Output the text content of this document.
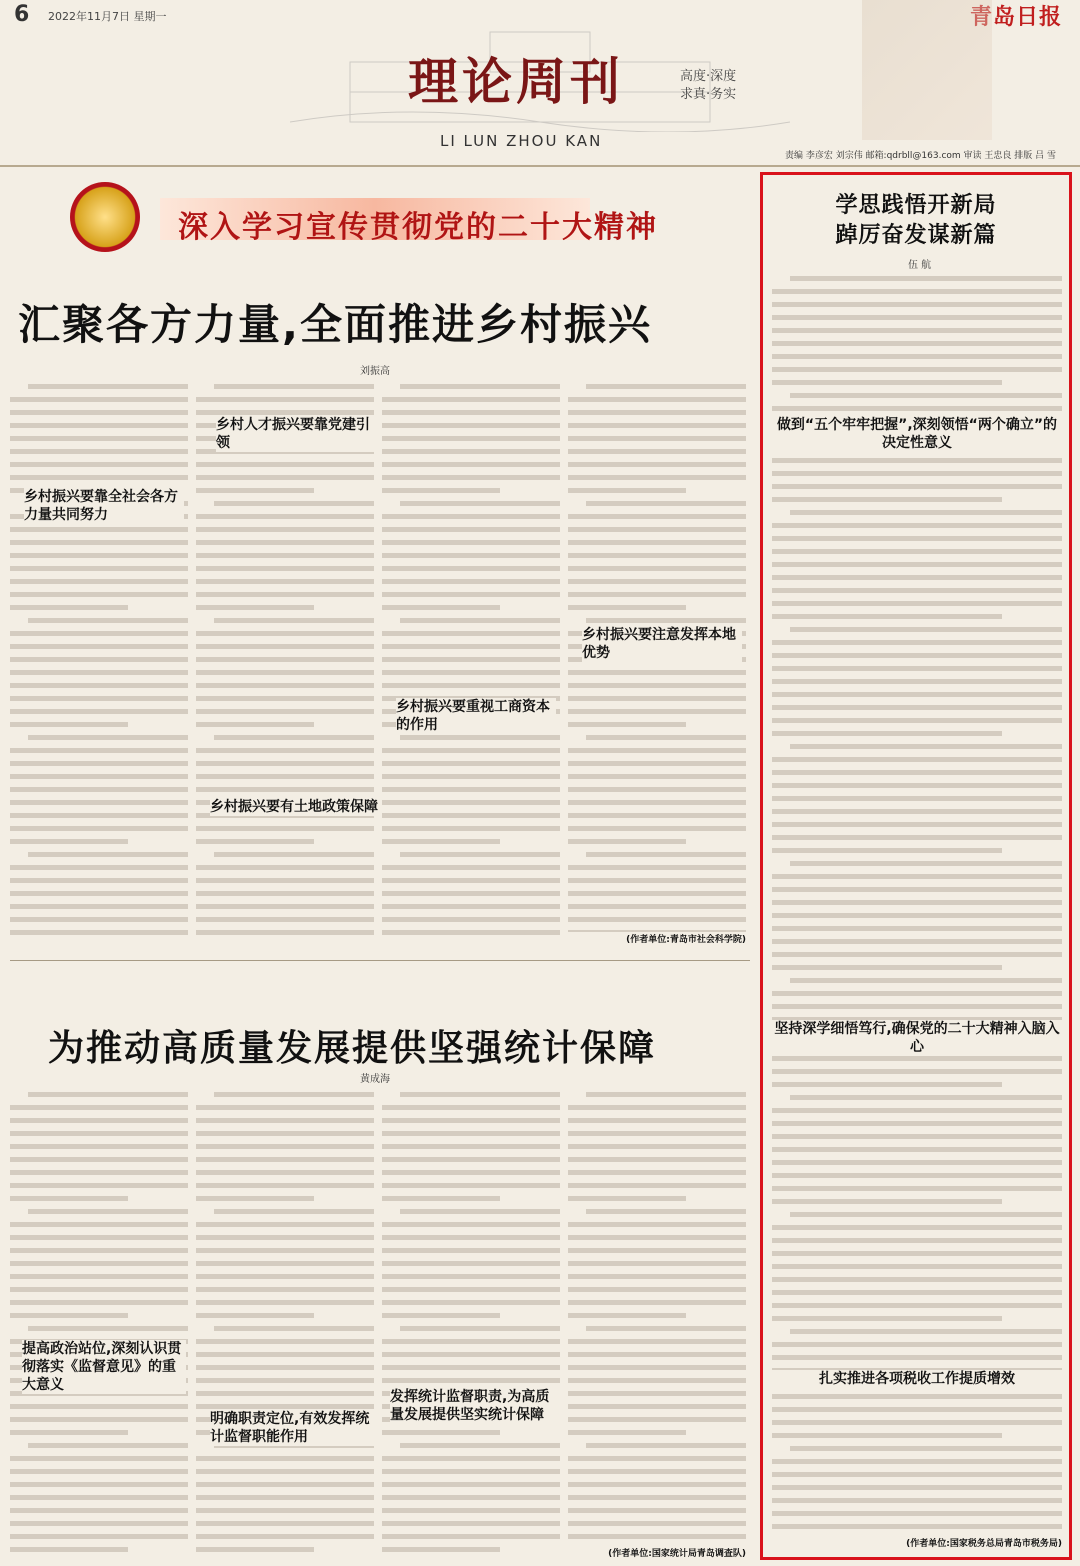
6 2022年11月7日 星期一	青岛日报
理论周刊	高度·深度
求真·务实
LI LUN ZHOU KAN
责编 李彦宏 刘宗伟 邮箱:qdrbll@163.com 审读 王忠良 排版 吕 雪
深入学习宣传贯彻党的二十大精神
汇聚各方力量,全面推进乡村振兴
刘振高
乡村振兴要靠全社会各方力量共同努力
乡村人才振兴要靠党建引领
乡村振兴要有土地政策保障
乡村振兴要重视工商资本的作用
乡村振兴要注意发挥本地优势
(作者单位:青岛市社会科学院)
为推动高质量发展提供坚强统计保障
黄成海
提高政治站位,深刻认识贯彻落实《监督意见》的重大意义
明确职责定位,有效发挥统计监督职能作用
发挥统计监督职责,为高质量发展提供坚实统计保障
(作者单位:国家统计局青岛调查队)
学思践悟开新局
踔厉奋发谋新篇
伍 航
做到“五个牢牢把握”,深刻领悟“两个确立”的决定性意义
坚持深学细悟笃行,确保党的二十大精神入脑入心
扎实推进各项税收工作提质增效
(作者单位:国家税务总局青岛市税务局)
